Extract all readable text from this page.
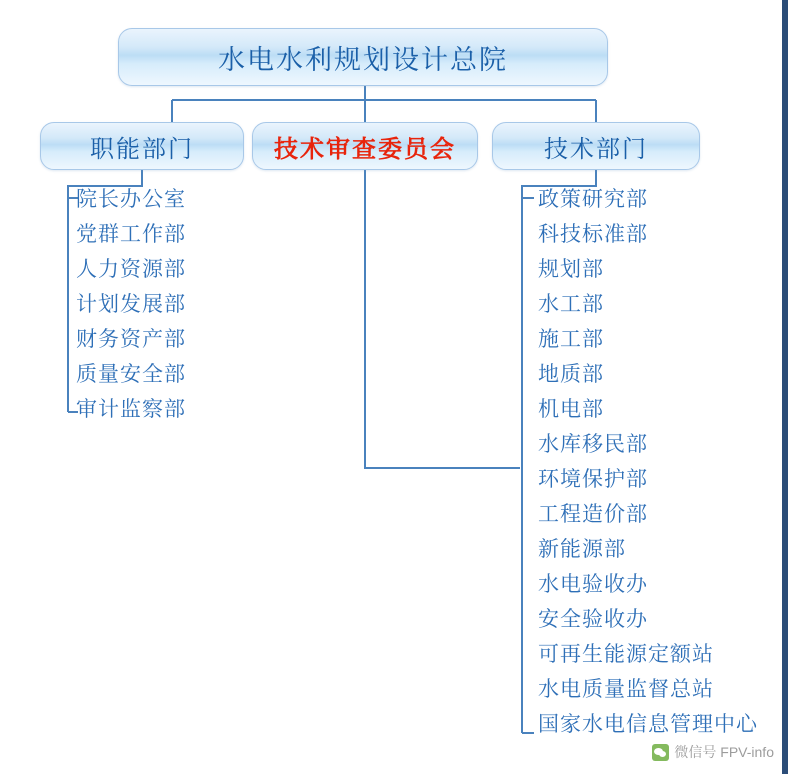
水电水利规划设计总院
职能部门	技术审查委员会	技术部门
院长办公室
党群工作部
人力资源部
计划发展部
财务资产部
质量安全部
审计监察部
政策研究部
科技标准部
规划部
水工部
施工部
地质部
机电部
水库移民部
环境保护部
工程造价部
新能源部
水电验收办
安全验收办
可再生能源定额站
水电质量监督总站
国家水电信息管理中心
微信号 FPV-info
